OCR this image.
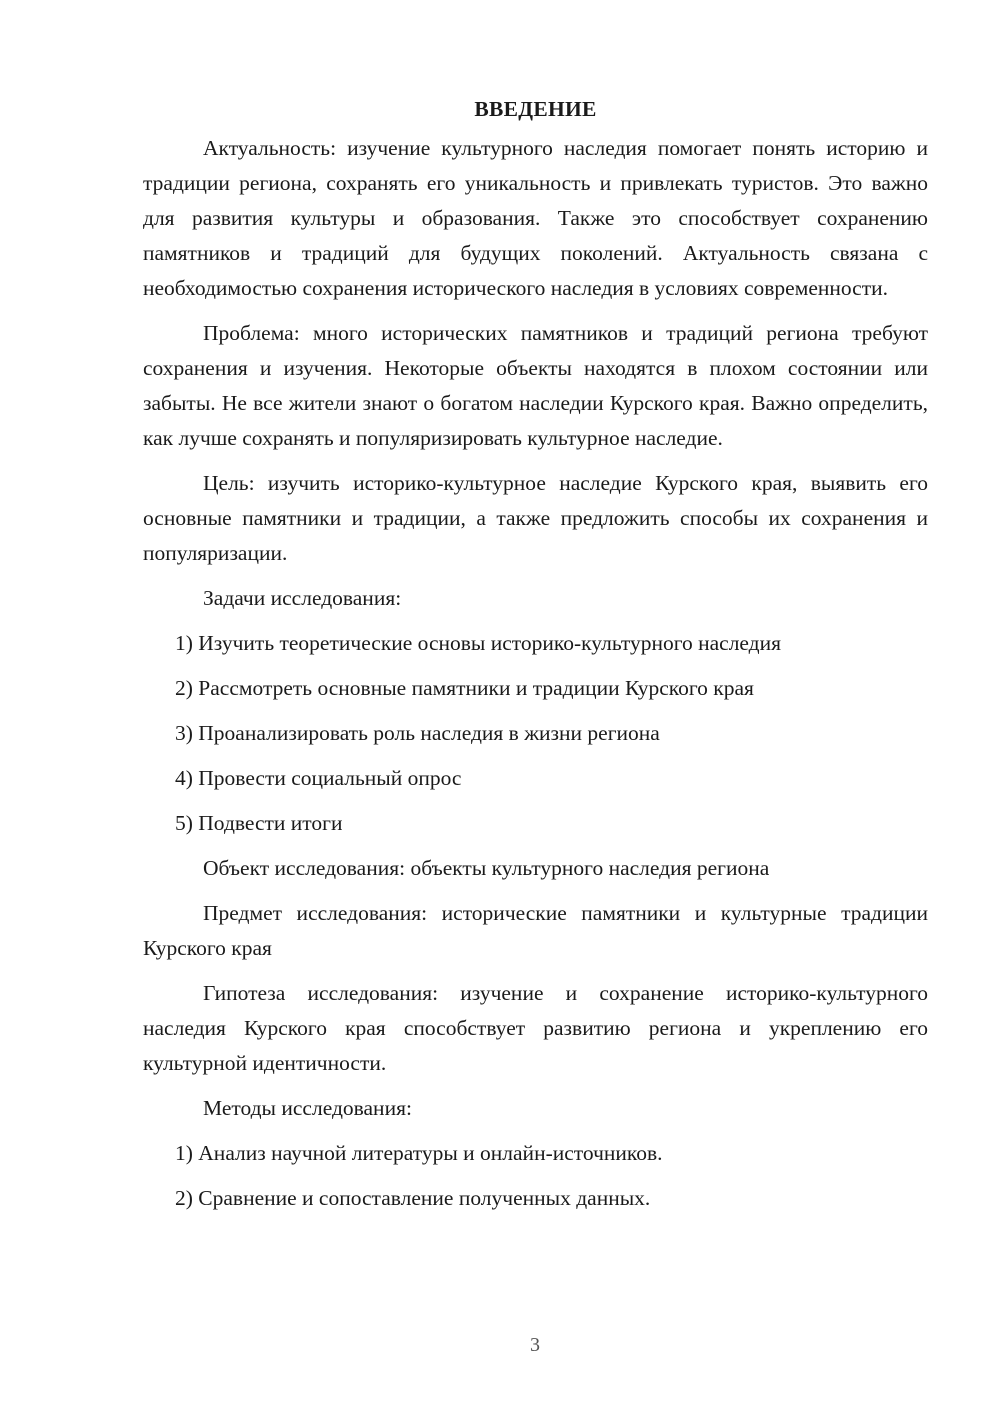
ВВЕДЕНИЕ
Актуальность: изучение культурного наследия помогает понять историю и традиции региона, сохранять его уникальность и привлекать туристов. Это важно для развития культуры и образования. Также это способствует сохранению памятников и традиций для будущих поколений. Актуальность связана с необходимостью сохранения исторического наследия в условиях современности.
Проблема: много исторических памятников и традиций региона требуют сохранения и изучения. Некоторые объекты находятся в плохом состоянии или забыты. Не все жители знают о богатом наследии Курского края. Важно определить, как лучше сохранять и популяризировать культурное наследие.
Цель: изучить историко-культурное наследие Курского края, выявить его основные памятники и традиции, а также предложить способы их сохранения и популяризации.
Задачи исследования:
1) Изучить теоретические основы историко-культурного наследия
2) Рассмотреть основные памятники и традиции Курского края
3) Проанализировать роль наследия в жизни региона
4) Провести социальный опрос
5) Подвести итоги
Объект исследования: объекты культурного наследия региона
Предмет исследования: исторические памятники и культурные традиции Курского края
Гипотеза исследования: изучение и сохранение историко-культурного наследия Курского края способствует развитию региона и укреплению его культурной идентичности.
Методы исследования:
1) Анализ научной литературы и онлайн-источников.
2) Сравнение и сопоставление полученных данных.
3
